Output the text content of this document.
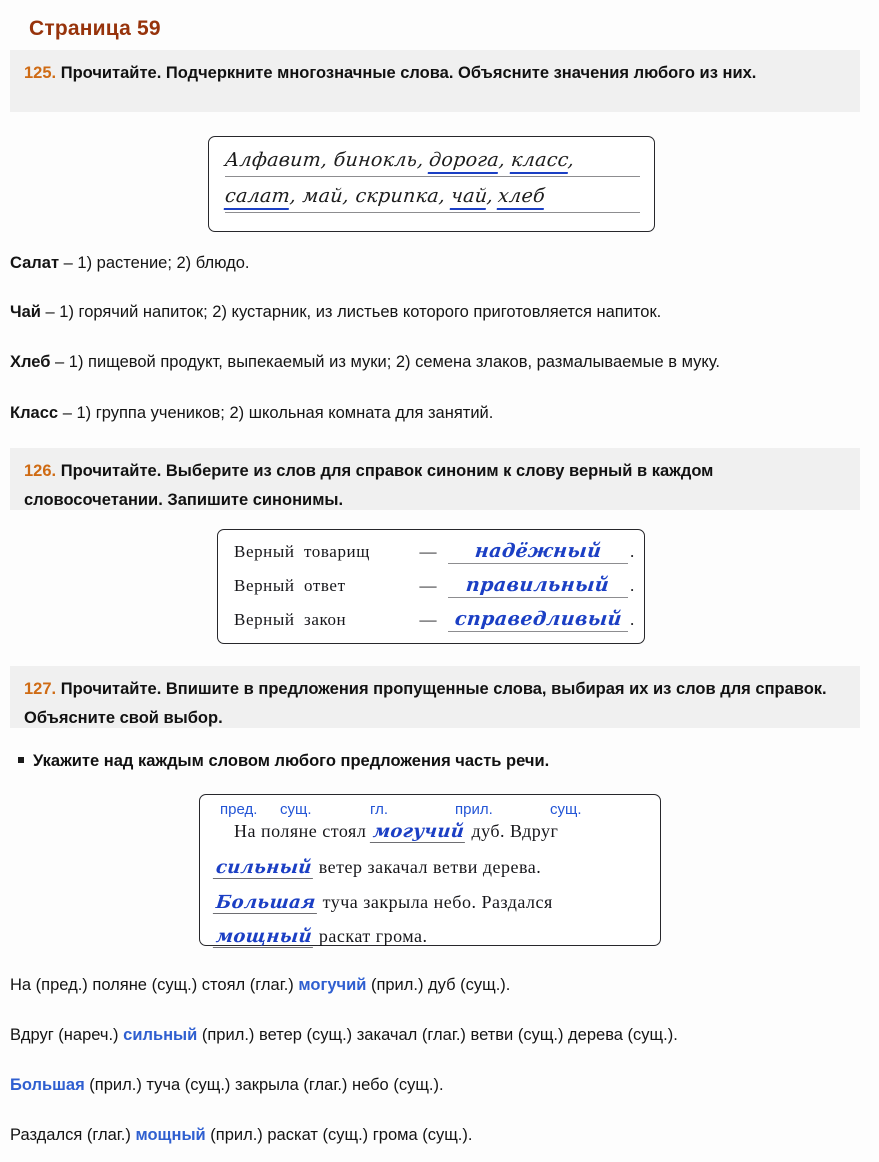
Страница 59
125. Прочитайте. Подчеркните многозначные слова. Объясните значения любого из них.
Алфавит, бинокль, дорога, класс,
салат, май, скрипка, чай, хлеб
Салат – 1) растение; 2) блюдо.
Чай – 1) горячий напиток; 2) кустарник, из листьев которого приготовляется напиток.
Хлеб – 1) пищевой продукт, выпекаемый из муки; 2) семена злаков, размалываемые в муку.
Класс – 1) группа учеников; 2) школьная комната для занятий.
126. Прочитайте. Выберите из слов для справок синоним к слову верный в каждом словосочетании. Запишите синонимы.
Верный товарищ	—	надёжный	.
Верный ответ	—	правильный	.
Верный закон	— справедливый .
127. Прочитайте. Впишите в предложения пропущенные слова, выбирая их из слов для справок. Объясните свой выбор.
Укажите над каждым словом любого предложения часть речи.
пред. сущ.	гл.	прил.	сущ.
На поляне стоял могучий дуб. Вдруг
сильный ветер закачал ветви дерева.
Большая туча закрыла небо. Раздался
мощный раскат грома.
На (пред.) поляне (сущ.) стоял (глаг.) могучий (прил.) дуб (сущ.).
Вдруг (нареч.) сильный (прил.) ветер (сущ.) закачал (глаг.) ветви (сущ.) дерева (сущ.).
Большая (прил.) туча (сущ.) закрыла (глаг.) небо (сущ.).
Раздался (глаг.) мощный (прил.) раскат (сущ.) грома (сущ.).
